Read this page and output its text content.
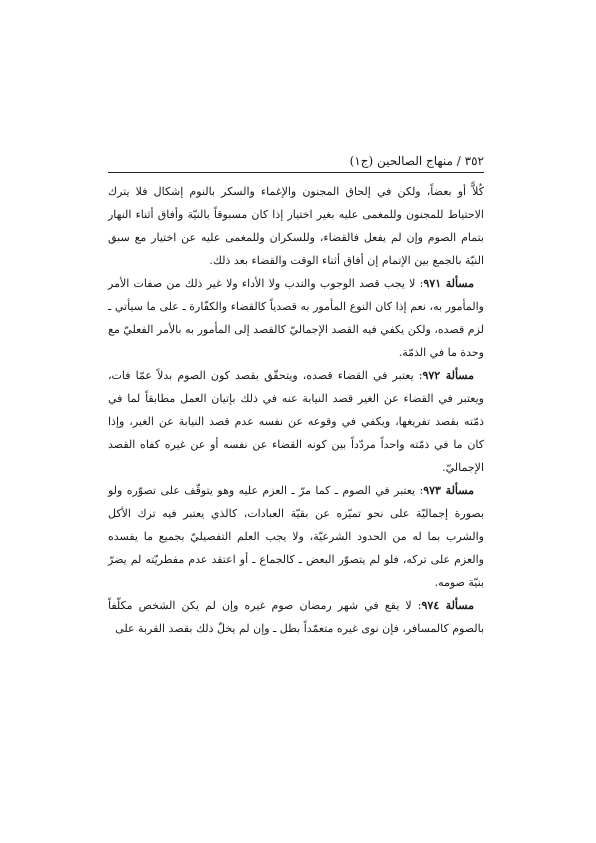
٣٥٢ / منهاج الصالحين (ج١)

كُلاًّ أو بعضاً، ولكن في إلحاق المجنون والإغماء والسكر بالنوم إشكال فلا يترك الاحتياط للمجنون وللمغمى عليه بغير اختيار إذا كان مسبوقاً بالنيّة وأفاق أثناء النهار بتمام الصوم وإن لم يفعل فالقضاء، وللسكران وللمغمى عليه عن اختيار مع سبق النيّة بالجمع بين الإتمام إن أفاق أثناء الوقت والقضاء بعد ذلك.

مسألة ٩٧١: لا يجب قصد الوجوب والندب ولا الأداء ولا غير ذلك من صفات الأمر والمأمور به، نعم إذا كان النوع المأمور به قصدياً كالقضاء والكفّارة ـ على ما سيأتي ـ لزم قصده، ولكن يكفي فيه القصد الإجماليّ كالقصد إلى المأمور به بالأمر الفعليّ مع وحدة ما في الذمّة.

مسألة ٩٧٢: يعتبر في القضاء قصده، ويتحقّق بقصد كون الصوم بدلاً عمّا فات، ويعتبر في القضاء عن الغير قصد النيابة عنه في ذلك بإتيان العمل مطابقاً لما في ذمّته بقصد تفريغها، ويكفي في وقوعه عن نفسه عدم قصد النيابة عن الغير، وإذا كان ما في ذمّته واحداً مردّداً بين كونه القضاء عن نفسه أو عن غيره كفاه القصد الإجماليّ.

مسألة ٩٧٣: يعتبر في الصوم ـ كما مرّ ـ العزم عليه وهو يتوقّف على تصوّره ولو بصورة إجماليّة على نحو تميّزه عن بقيّة العبادات، كالذي يعتبر فيه ترك الأكل والشرب بما له من الحدود الشرعيّة، ولا يجب العلم التفصيليّ بجميع ما يفسده والعزم على تركه، فلو لم يتصوّر البعض ـ كالجماع ـ أو اعتقد عدم مفطريّته لم يضرّ بنيّة صومه.

مسألة ٩٧٤: لا يقع في شهر رمضان صوم غيره وإن لم يكن الشخص مكلّفاً بالصوم كالمسافر، فإن نوى غيره متعمّداً بطل ـ وإن لم يخلّ ذلك بقصد القربة على
